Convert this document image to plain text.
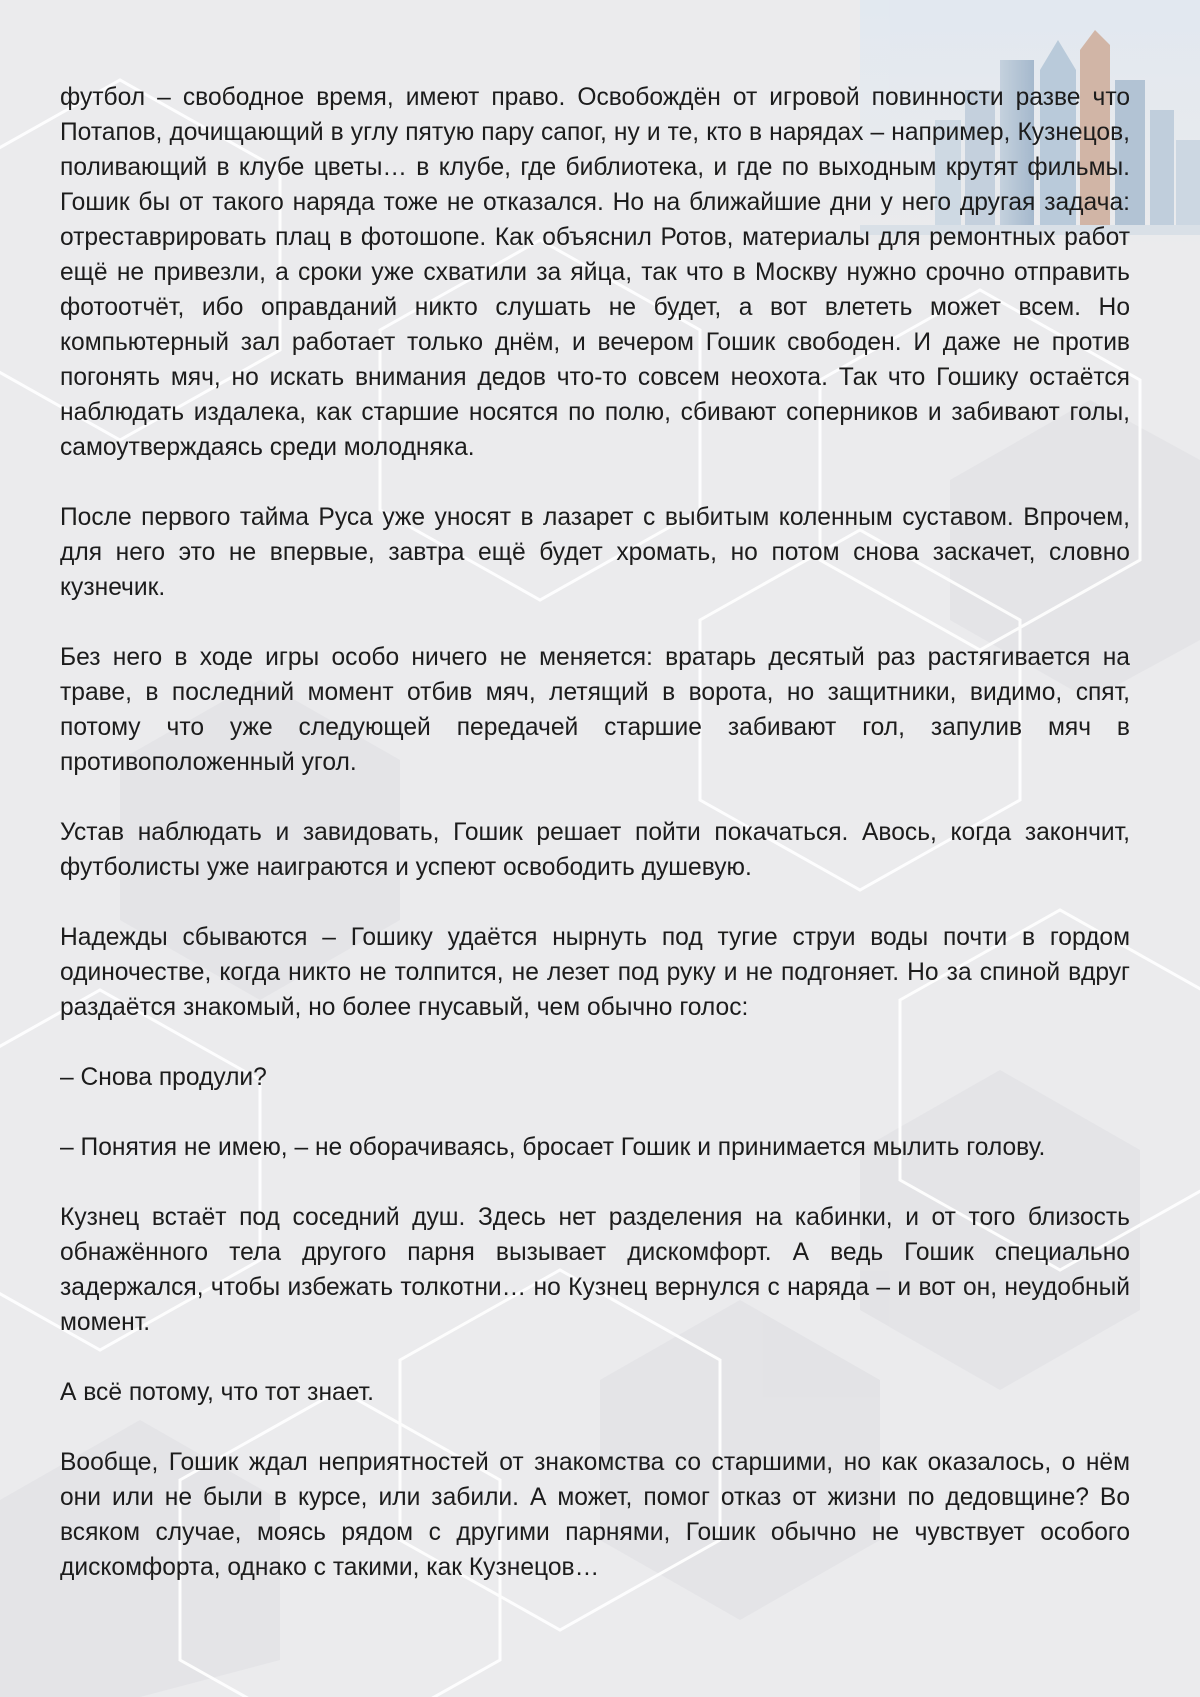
футбол – свободное время, имеют право. Освобождён от игровой повинности разве что Потапов, дочищающий в углу пятую пару сапог, ну и те, кто в нарядах – например, Кузнецов, поливающий в клубе цветы… в клубе, где библиотека, и где по выходным крутят фильмы. Гошик бы от такого наряда тоже не отказался. Но на ближайшие дни у него другая задача: отреставрировать плац в фотошопе. Как объяснил Ротов, материалы для ремонтных работ ещё не привезли, а сроки уже схватили за яйца, так что в Москву нужно срочно отправить фотоотчёт, ибо оправданий никто слушать не будет, а вот влететь может всем. Но компьютерный зал работает только днём, и вечером Гошик свободен. И даже не против погонять мяч, но искать внимания дедов что-то совсем неохота. Так что Гошику остаётся наблюдать издалека, как старшие носятся по полю, сбивают соперников и забивают голы, самоутверждаясь среди молодняка.

После первого тайма Руса уже уносят в лазарет с выбитым коленным суставом. Впрочем, для него это не впервые, завтра ещё будет хромать, но потом снова заскачет, словно кузнечик.

Без него в ходе игры особо ничего не меняется: вратарь десятый раз растягивается на траве, в последний момент отбив мяч, летящий в ворота, но защитники, видимо, спят, потому что уже следующей передачей старшие забивают гол, запулив мяч в противоположенный угол.

Устав наблюдать и завидовать, Гошик решает пойти покачаться. Авось, когда закончит, футболисты уже наиграются и успеют освободить душевую.

Надежды сбываются – Гошику удаётся нырнуть под тугие струи воды почти в гордом одиночестве, когда никто не толпится, не лезет под руку и не подгоняет. Но за спиной вдруг раздаётся знакомый, но более гнусавый, чем обычно голос:

– Снова продули?

– Понятия не имею, – не оборачиваясь, бросает Гошик и принимается мылить голову.

Кузнец встаёт под соседний душ. Здесь нет разделения на кабинки, и от того близость обнажённого тела другого парня вызывает дискомфорт. А ведь Гошик специально задержался, чтобы избежать толкотни… но Кузнец вернулся с наряда – и вот он, неудобный момент.

А всё потому, что тот знает.

Вообще, Гошик ждал неприятностей от знакомства со старшими, но как оказалось, о нём они или не были в курсе, или забили. А может, помог отказ от жизни по дедовщине? Во всяком случае, моясь рядом с другими парнями, Гошик обычно не чувствует особого дискомфорта, однако с такими, как Кузнецов…
